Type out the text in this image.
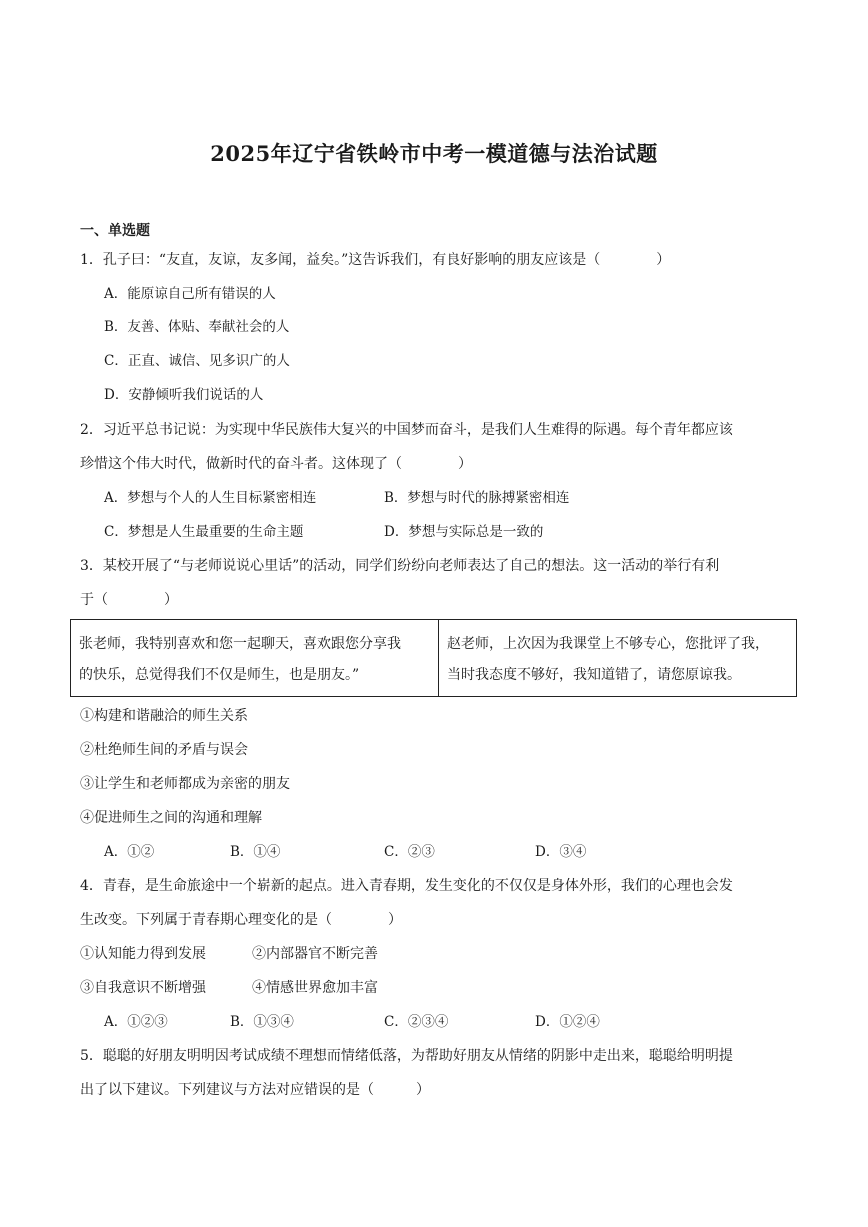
2025年辽宁省铁岭市中考一模道德与法治试题
一、单选题
1．孔子曰：“友直，友谅，友多闻，益矣。”这告诉我们，有良好影响的朋友应该是（　　　　）
A．能原谅自己所有错误的人
B．友善、体贴、奉献社会的人
C．正直、诚信、见多识广的人
D．安静倾听我们说话的人
2．习近平总书记说：为实现中华民族伟大复兴的中国梦而奋斗，是我们人生难得的际遇。每个青年都应该
珍惜这个伟大时代，做新时代的奋斗者。这体现了（　　　　）
A．梦想与个人的人生目标紧密相连	B．梦想与时代的脉搏紧密相连
C．梦想是人生最重要的生命主题	D．梦想与实际总是一致的
3．某校开展了“与老师说说心里话”的活动，同学们纷纷向老师表达了自己的想法。这一活动的举行有利
于（　　　　）
张老师，我特别喜欢和您一起聊天，喜欢跟您分享我
的快乐，总觉得我们不仅是师生，也是朋友。”
赵老师，上次因为我课堂上不够专心，您批评了我，
当时我态度不够好，我知道错了，请您原谅我。
①构建和谐融洽的师生关系
②杜绝师生间的矛盾与误会
③让学生和老师都成为亲密的朋友
④促进师生之间的沟通和理解
A．①②	B．①④	C．②③	D．③④
4．青春，是生命旅途中一个崭新的起点。进入青春期，发生变化的不仅仅是身体外形，我们的心理也会发
生改变。下列属于青春期心理变化的是（　　　　）
①认知能力得到发展	②内部器官不断完善
③自我意识不断增强	④情感世界愈加丰富
A．①②③	B．①③④	C．②③④	D．①②④
5．聪聪的好朋友明明因考试成绩不理想而情绪低落，为帮助好朋友从情绪的阴影中走出来，聪聪给明明提
出了以下建议。下列建议与方法对应错误的是（　　　）
